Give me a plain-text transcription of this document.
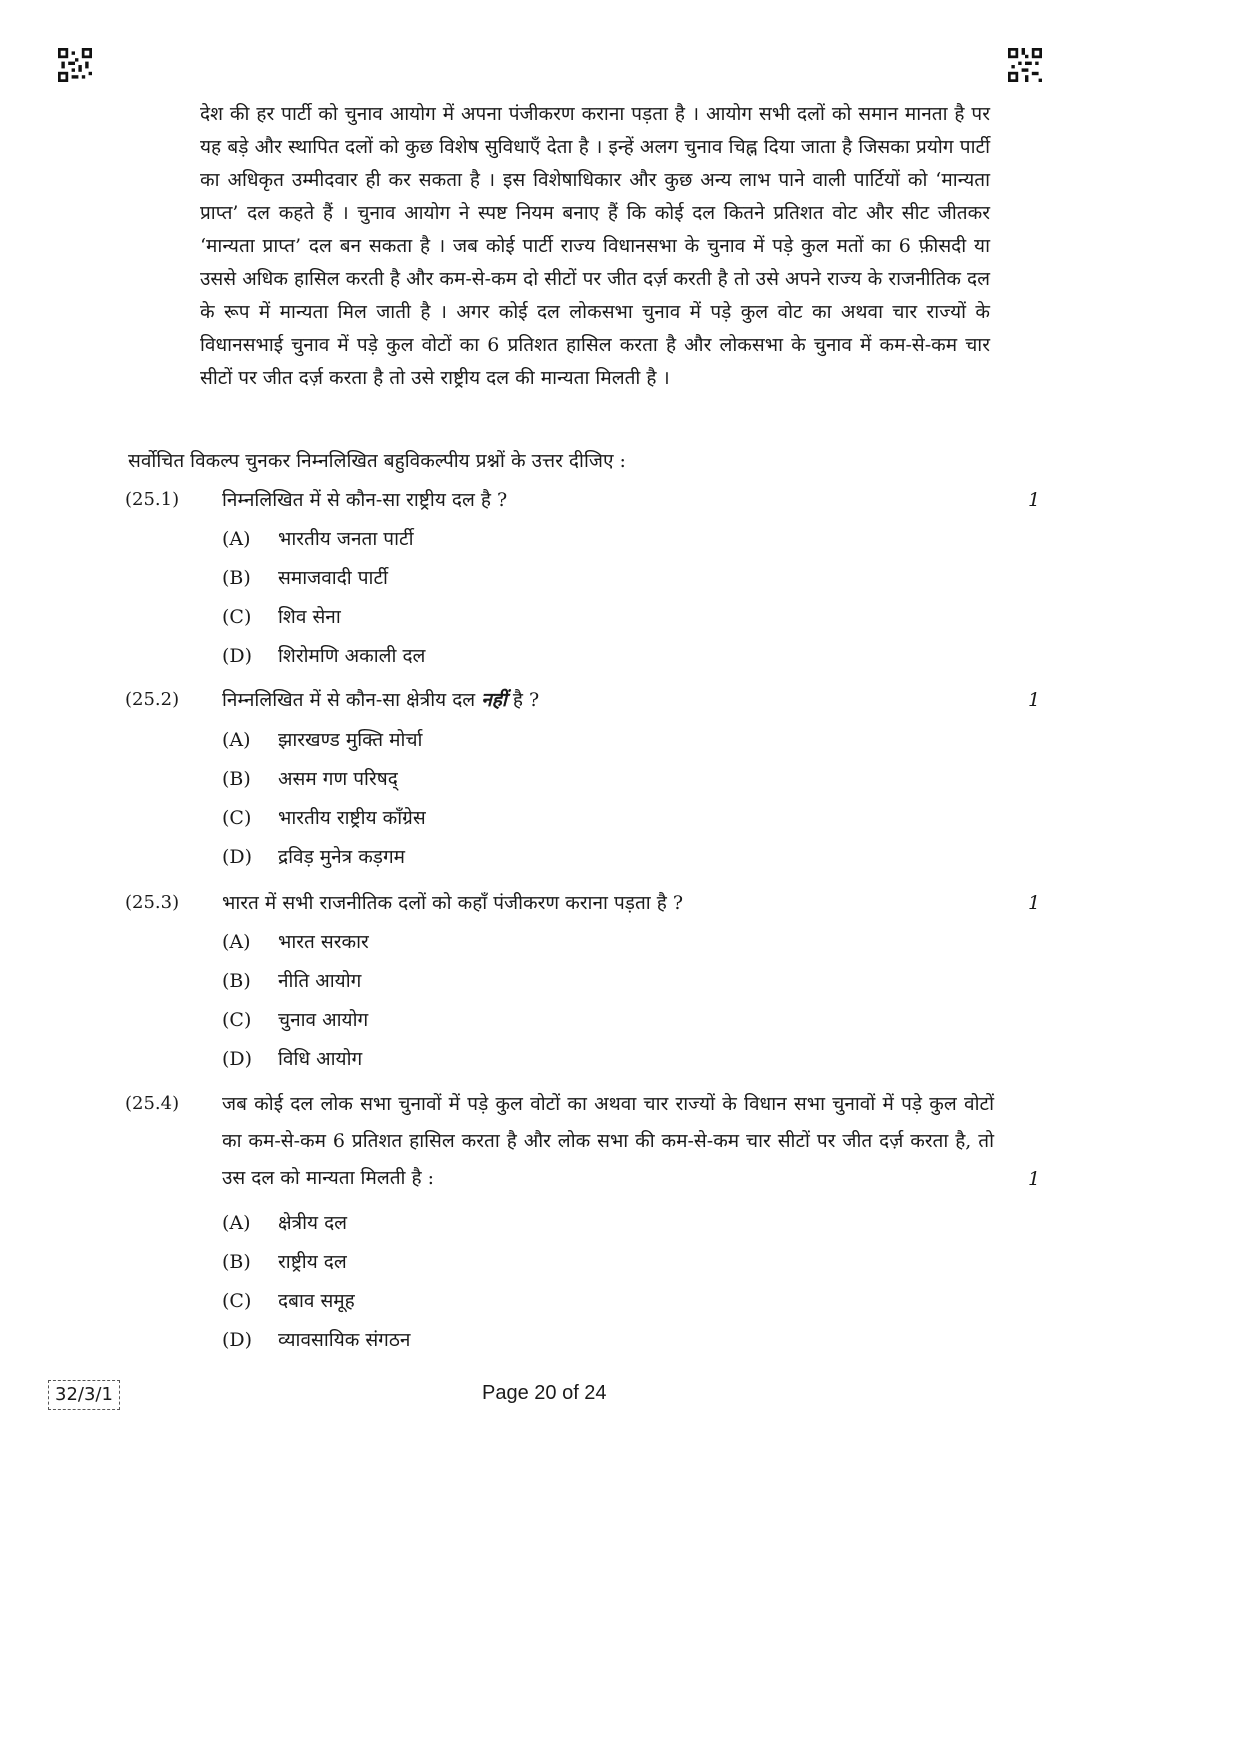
देश की हर पार्टी को चुनाव आयोग में अपना पंजीकरण कराना पड़ता है । आयोग सभी दलों को समान मानता है पर यह बड़े और स्थापित दलों को कुछ विशेष सुविधाएँ देता है । इन्हें अलग चुनाव चिह्न दिया जाता है जिसका प्रयोग पार्टी का अधिकृत उम्मीदवार ही कर सकता है । इस विशेषाधिकार और कुछ अन्य लाभ पाने वाली पार्टियों को ‘मान्यता प्राप्त’ दल कहते हैं । चुनाव आयोग ने स्पष्ट नियम बनाए हैं कि कोई दल कितने प्रतिशत वोट और सीट जीतकर ‘मान्यता प्राप्त’ दल बन सकता है । जब कोई पार्टी राज्य विधानसभा के चुनाव में पड़े कुल मतों का 6 फ़ीसदी या उससे अधिक हासिल करती है और कम-से-कम दो सीटों पर जीत दर्ज़ करती है तो उसे अपने राज्य के राजनीतिक दल के रूप में मान्यता मिल जाती है । अगर कोई दल लोकसभा चुनाव में पड़े कुल वोट का अथवा चार राज्यों के विधानसभाई चुनाव में पड़े कुल वोटों का 6 प्रतिशत हासिल करता है और लोकसभा के चुनाव में कम-से-कम चार सीटों पर जीत दर्ज़ करता है तो उसे राष्ट्रीय दल की मान्यता मिलती है ।

सर्वोचित विकल्प चुनकर निम्नलिखित बहुविकल्पीय प्रश्नों के उत्तर दीजिए :

(25.1) निम्नलिखित में से कौन-सा राष्ट्रीय दल है ?	1
(A) भारतीय जनता पार्टी
(B) समाजवादी पार्टी
(C) शिव सेना
(D) शिरोमणि अकाली दल
(25.2) निम्नलिखित में से कौन-सा क्षेत्रीय दल नहीं है ?	1
(A) झारखण्ड मुक्ति मोर्चा
(B) असम गण परिषद्
(C) भारतीय राष्ट्रीय कॉंग्रेस
(D) द्रविड़ मुनेत्र कड़गम
(25.3) भारत में सभी राजनीतिक दलों को कहाँ पंजीकरण कराना पड़ता है ?	1
(A) भारत सरकार
(B) नीति आयोग
(C) चुनाव आयोग
(D) विधि आयोग
(25.4) जब कोई दल लोक सभा चुनावों में पड़े कुल वोटों का अथवा चार राज्यों के विधान सभा चुनावों में पड़े कुल वोटों का कम-से-कम 6 प्रतिशत हासिल करता है और लोक सभा की कम-से-कम चार सीटों पर जीत दर्ज़ करता है, तो उस दल को मान्यता मिलती है :	1
(A) क्षेत्रीय दल
(B) राष्ट्रीय दल
(C) दबाव समूह
(D) व्यावसायिक संगठन
32/3/1	Page 20 of 24
